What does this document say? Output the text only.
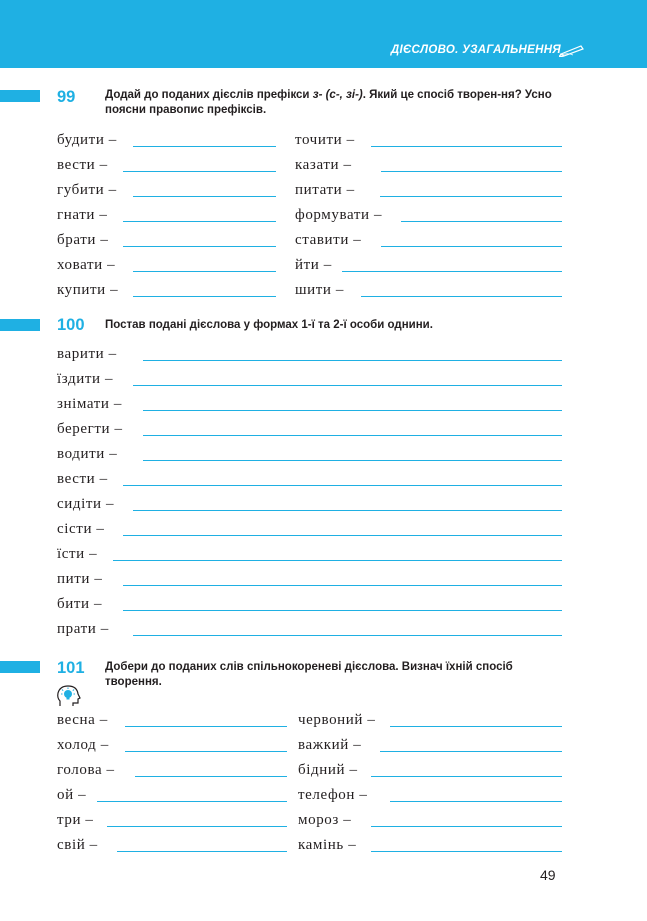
ДІЄСЛОВО. УЗАГАЛЬНЕННЯ
99	Додай до поданих дієслів префікси з- (с-, зі-). Який це спосіб творен-ня? Усно поясни правопис префіксів.
будити –	точити –
вести –	казати –
губити –	питати –
гнати –	формувати –
брати –	ставити –
ховати –	йти –
купити –	шити –
100 Постав подані дієслова у формах 1-ї та 2-ї особи однини.
варити –
їздити –
знімати –
берегти –
водити –
вести –
сидіти –
сісти –
їсти –
пити –
бити –
прати –
101 Добери до поданих слів спільнокореневі дієслова. Визнач їхній спосіб творення.
весна –	червоний –
холод –	важкий –
голова –	бідний –
ой –	телефон –
три –	мороз –
свій –	камінь –
49
